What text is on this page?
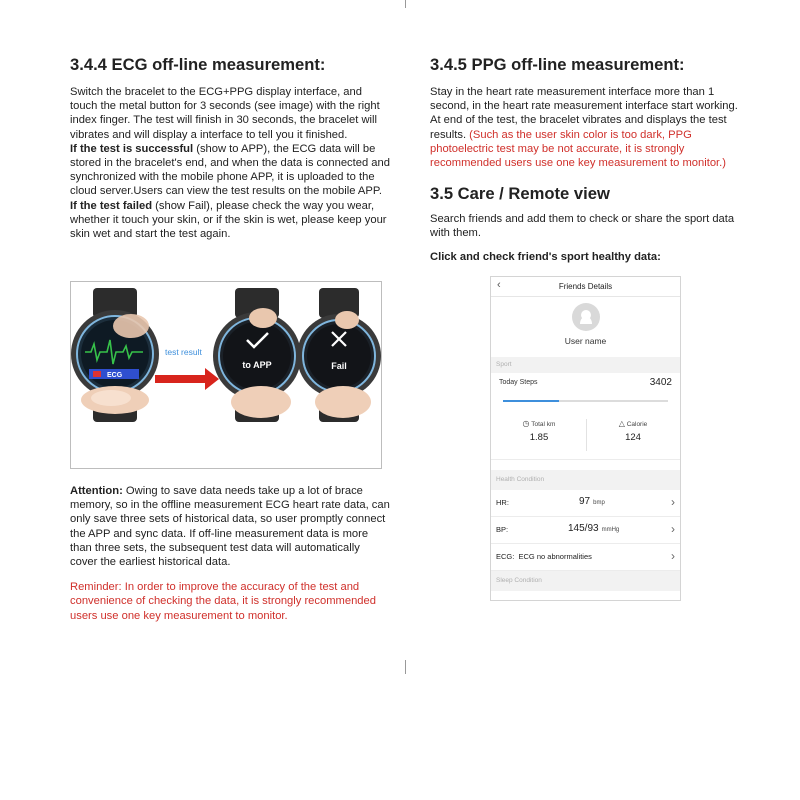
3.4.4 ECG off-line measurement:

Switch the bracelet to the ECG+PPG display interface, and touch the metal button for 3 seconds (see image) with the right index finger. The test will finish in 30 seconds, the bracelet will vibrates and will display a interface to tell you it finished.

If the test is successful (show to APP), the ECG data will be stored in the bracelet's end, and when the data is connected and synchronized with the mobile phone APP, it is uploaded to the cloud server.Users can view the test results on the mobile APP.

If the test failed (show Fail), please check the way you wear, whether it touch your skin, or if the skin is wet, please keep your skin wet and start the test again.

ECG
test result
to APP	Fail

Attention: Owing to save data needs take up a lot of brace memory, so in the offline measurement ECG heart rate data, can only save three sets of historical data, so user promptly connect the APP and sync data. If off-line measurement data is more than three sets, the subsequent test data will automatically cover the earliest historical data.

Reminder: In order to improve the accuracy of the test and convenience of checking the data, it is strongly recommended users use one key measurement to monitor.

3.4.5 PPG off-line measurement:

Stay in the heart rate measurement interface more than 1 second, in the heart rate measurement interface start working. At end of the test, the bracelet vibrates and displays the test results. (Such as the user skin color is too dark, PPG photoelectric test may be not accurate, it is strongly recommended users use one key measurement to monitor.)

3.5 Care / Remote view

Search friends and add them to check or share the sport data with them.

Click and check friend's sport healthy data:

‹	Friends Details
User name
Sport
Today Steps	3402
◷ Total km
1.85
△ Calorie
124
Health Condition
HR:	97 bmp	›
BP:	145/93 mmHg	›
ECG: ECG no abnormalities	›
Sleep Condition
